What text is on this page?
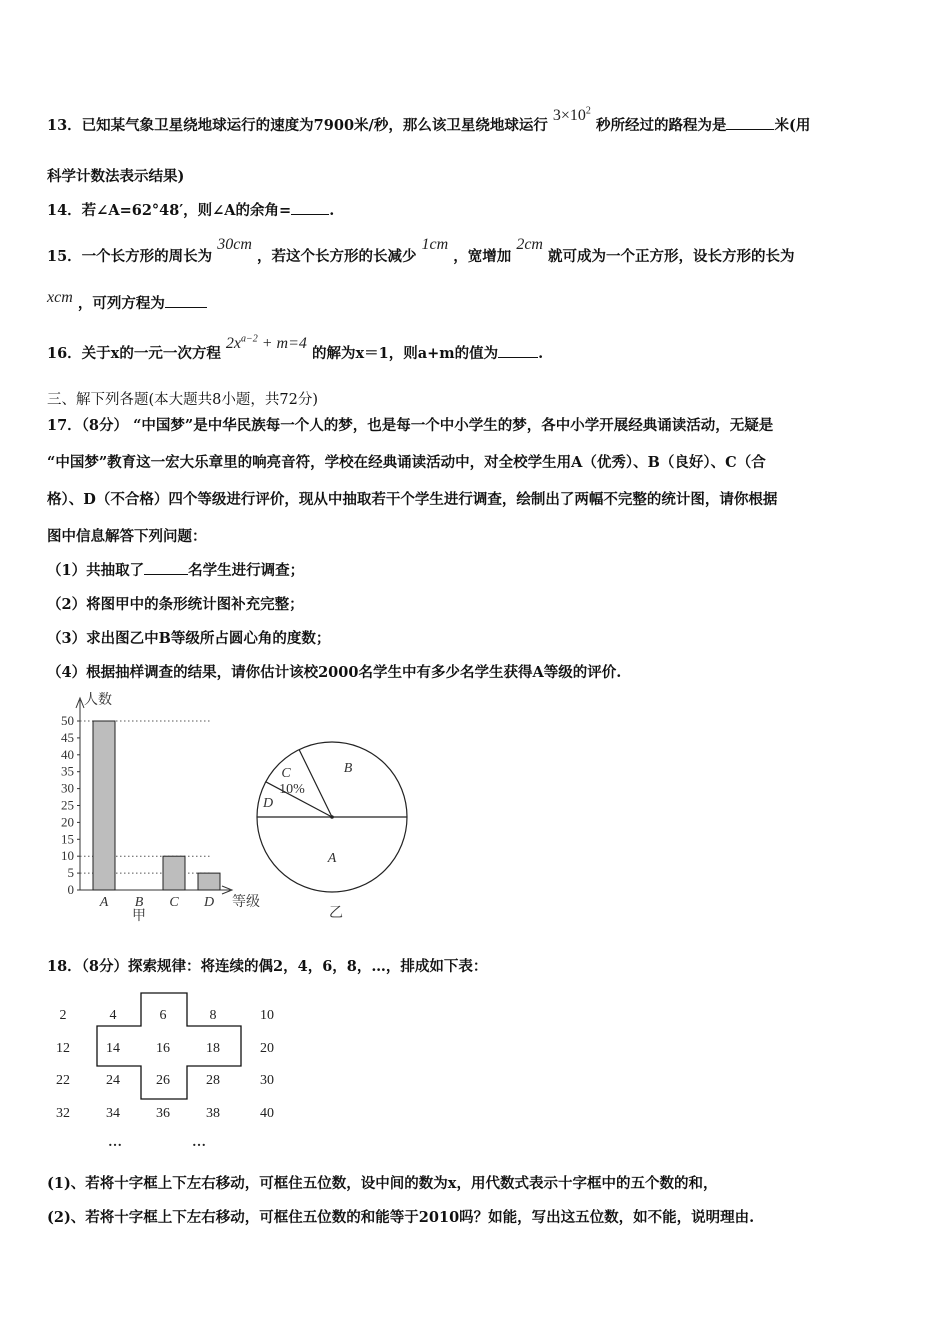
13．已知某气象卫星绕地球运行的速度为7900米/秒，那么该卫星绕地球运行 $3\times 10^2$ 秒所经过的路程为是	米(用
科学计数法表示结果)
14．若∠A=62°48′，则∠A的余角=	.
15．一个长方形的周长为 30cm ，若这个长方形的长减少 1cm ，宽增加 2cm 就可成为一个正方形，设长方形的长为
xcm ，可列方程为
16．关于x的一元一次方程 $2x^{a-2} + m=4$ 的解为x＝1，则a+m的值为	.
三、解下列各题(本大题共8小题，共72分)
17．（8分） “中国梦”是中华民族每一个人的梦，也是每一个中小学生的梦，各中小学开展经典诵读活动，无疑是
“中国梦”教育这一宏大乐章里的响亮音符，学校在经典诵读活动中，对全校学生用A（优秀）、B（良好）、C（合
格）、D（不合格）四个等级进行评价，现从中抽取若干个学生进行调查，绘制出了两幅不完整的统计图，请你根据
图中信息解答下列问题：
（1）共抽取了	名学生进行调查；
（2）将图甲中的条形统计图补充完整；
（3）求出图乙中B等级所占圆心角的度数；
（4）根据抽样调查的结果，请你估计该校2000名学生中有多少名学生获得A等级的评价.
人数
等级
0
5
10
15
20
25
30
35
40
45
50
A B C D
甲
A
B
C
10%
D
乙
18．（8分）探索规律：将连续的偶2，4，6，8，…，排成如下表：
2	4	6	8	10
12	14	16	18	20
22	24	26	28	30
32	34	36	38	40
…	…
(1)、若将十字框上下左右移动，可框住五位数，设中间的数为x，用代数式表示十字框中的五个数的和，
(2)、若将十字框上下左右移动，可框住五位数的和能等于2010吗？如能，写出这五位数，如不能，说明理由.
